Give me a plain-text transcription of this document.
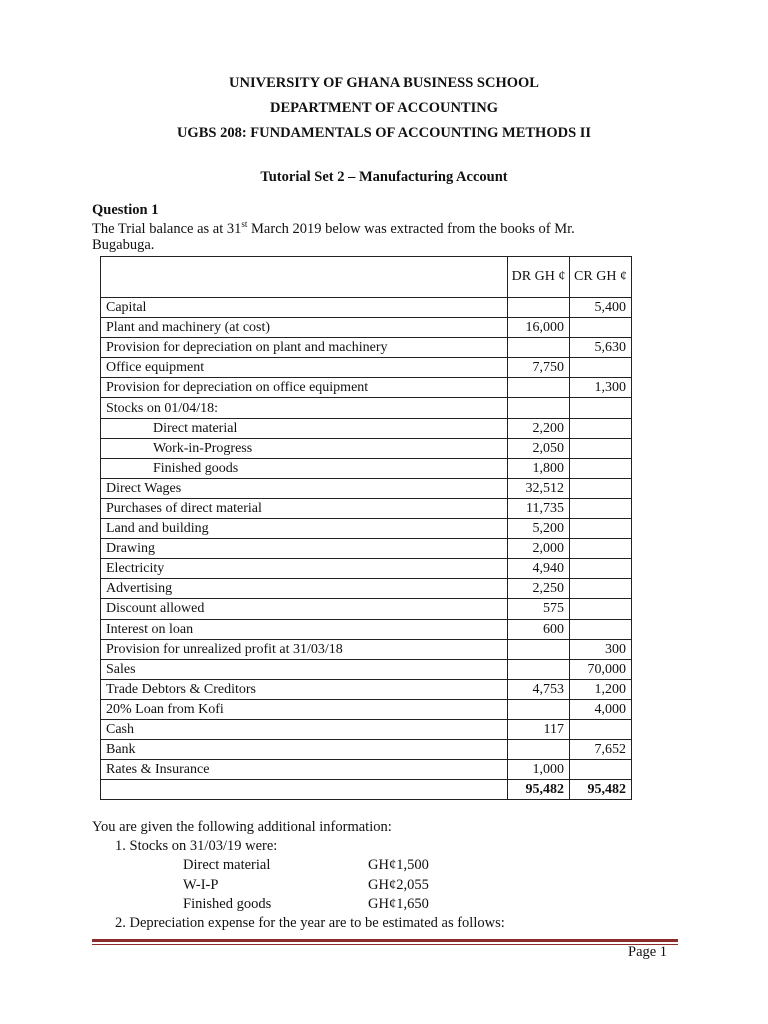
UNIVERSITY OF GHANA BUSINESS SCHOOL
DEPARTMENT OF ACCOUNTING
UGBS 208: FUNDAMENTALS OF ACCOUNTING METHODS II
Tutorial Set 2 – Manufacturing Account
Question 1
The Trial balance as at 31st March 2019 below was extracted from the books of Mr.
Bugabuga.
	DR GH ¢	CR GH ¢
Capital		5,400
Plant and machinery (at cost)	16,000	
Provision for depreciation on plant and machinery		5,630
Office equipment	7,750	
Provision for depreciation on office equipment		1,300
Stocks on 01/04/18:		
Direct material	2,200	
Work-in-Progress	2,050	
Finished goods	1,800	
Direct Wages	32,512	
Purchases of direct material	11,735	
Land and building	5,200	
Drawing	2,000	
Electricity	4,940	
Advertising	2,250	
Discount allowed	575	
Interest on loan	600	
Provision for unrealized profit at 31/03/18		300
Sales		70,000
Trade Debtors & Creditors	4,753	1,200
20% Loan from Kofi		4,000
Cash	117	
Bank		7,652
Rates & Insurance	1,000	
	95,482	95,482
You are given the following additional information:
1. Stocks on 31/03/19 were:
Direct material	GH¢1,500
W-I-P	GH¢2,055
Finished goods	GH¢1,650
2. Depreciation expense for the year are to be estimated as follows:
Page 1
